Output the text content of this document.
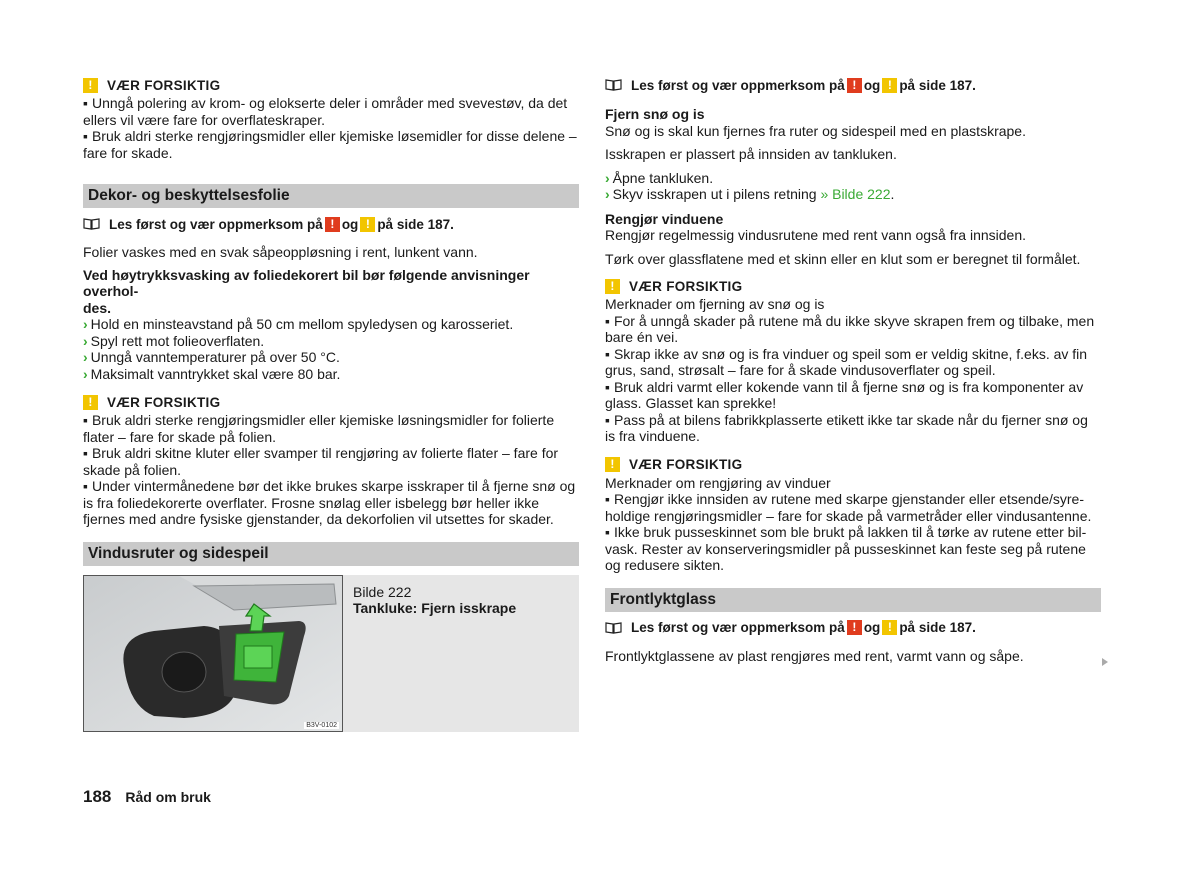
!	VÆR FORSIKTIG

▪ Unngå polering av krom- og elokserte deler i områder med svevestøv, da det ellers vil være fare for overflateskraper.

▪ Bruk aldri sterke rengjøringsmidler eller kjemiske løsemidler for disse delene – fare for skade.

Dekor- og beskyttelsesfolie
Les først og vær oppmerksom på ! og ! på side 187.

Folier vaskes med en svak såpeoppløsning i rent, lunkent vann.

Ved høytrykksvasking av foliedekorert bil bør følgende anvisninger overhol-

des.

› Hold en minsteavstand på 50 cm mellom spyledysen og karosseriet.

› Spyl rett mot folieoverflaten.

› Unngå vanntemperaturer på over 50 °C.

› Maksimalt vanntrykket skal være 80 bar.

!	VÆR FORSIKTIG

▪ Bruk aldri sterke rengjøringsmidler eller kjemiske løsningsmidler for folierte flater – fare for skade på folien.

▪ Bruk aldri skitne kluter eller svamper til rengjøring av folierte flater – fare for skade på folien.

▪ Under vintermånedene bør det ikke brukes skarpe isskraper til å fjerne snø og is fra foliedekorerte overflater. Frosne snølag eller isbelegg bør heller ikke fjernes med andre fysiske gjenstander, da dekorfolien vil utsettes for skader.

Vindusruter og sidespeil
B3V-0102
Bilde 222
Tankluke: Fjern isskrape
Les først og vær oppmerksom på ! og ! på side 187.

Fjern snø og is

Snø og is skal kun fjernes fra ruter og sidespeil med en plastskrape.

Isskrapen er plassert på innsiden av tankluken.

› Åpne tankluken.

› Skyv isskrapen ut i pilens retning » Bilde 222.

Rengjør vinduene

Rengjør regelmessig vindusrutene med rent vann også fra innsiden.

Tørk over glassflatene med et skinn eller en klut som er beregnet til formålet.

!	VÆR FORSIKTIG

Merknader om fjerning av snø og is

▪ For å unngå skader på rutene må du ikke skyve skrapen frem og tilbake, men bare én vei.

▪ Skrap ikke av snø og is fra vinduer og speil som er veldig skitne, f.eks. av fin grus, sand, strøsalt – fare for å skade vindusoverflater og speil.

▪ Bruk aldri varmt eller kokende vann til å fjerne snø og is fra komponenter av glass. Glasset kan sprekke!

▪ Pass på at bilens fabrikkplasserte etikett ikke tar skade når du fjerner snø og is fra vinduene.

!	VÆR FORSIKTIG

Merknader om rengjøring av vinduer

▪ Rengjør ikke innsiden av rutene med skarpe gjenstander eller etsende/syreholdige rengjøringsmidler – fare for skade på varmetråder eller vindusantenne.

▪ Ikke bruk pusseskinnet som ble brukt på lakken til å tørke av rutene etter bilvask. Rester av konserveringsmidler på pusseskinnet kan feste seg på rutene og redusere sikten.

Frontlyktglass
Les først og vær oppmerksom på ! og ! på side 187.

Frontlyktglassene av plast rengjøres med rent, varmt vann og såpe.

188 Råd om bruk
